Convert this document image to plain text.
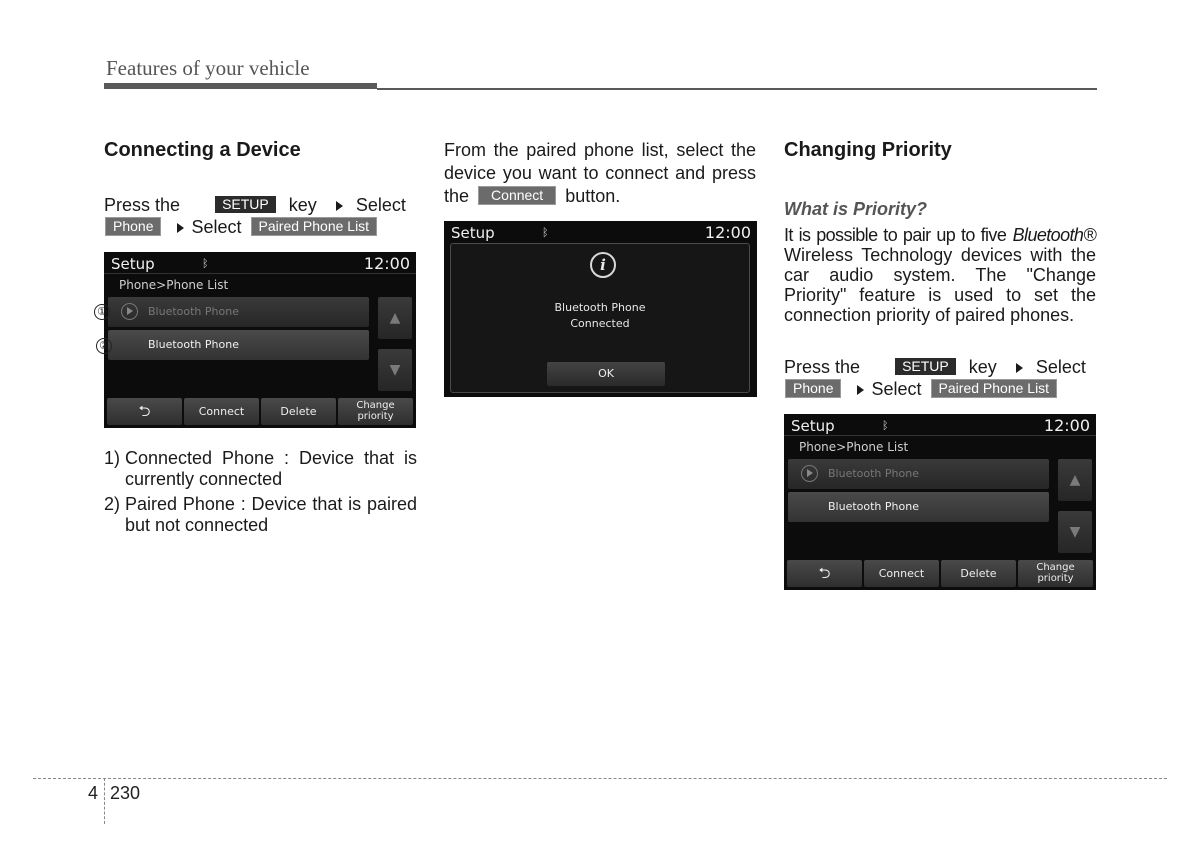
Features of your vehicle
Connecting a Device
Press the	SETUP key Select
Phone Select Paired Phone List
Setup	ᛒ	12:00
Phone>Phone List
Bluetooth Phone
Bluetooth Phone
▲
▼
⮌	Connect	Delete	Change
priority
①
②
1) Connected Phone : Device that is currently connected
2) Paired Phone : Device that is paired but not connected
From the paired phone list, select the device you want to connect and press the Connect button.
Setup	ᛒ	12:00
i
Bluetooth Phone
Connected
OK
Changing Priority
What is Priority?
It is possible to pair up to five Bluetooth® Wireless Technology devices with the car audio system. The "Change Priority" feature is used to set the connection priority of paired phones.
Press the	SETUP key Select
Phone Select Paired Phone List
Setup	ᛒ	12:00
Phone>Phone List
Bluetooth Phone
Bluetooth Phone
▲
▼
⮌	Connect	Delete	Change
priority
4 230
